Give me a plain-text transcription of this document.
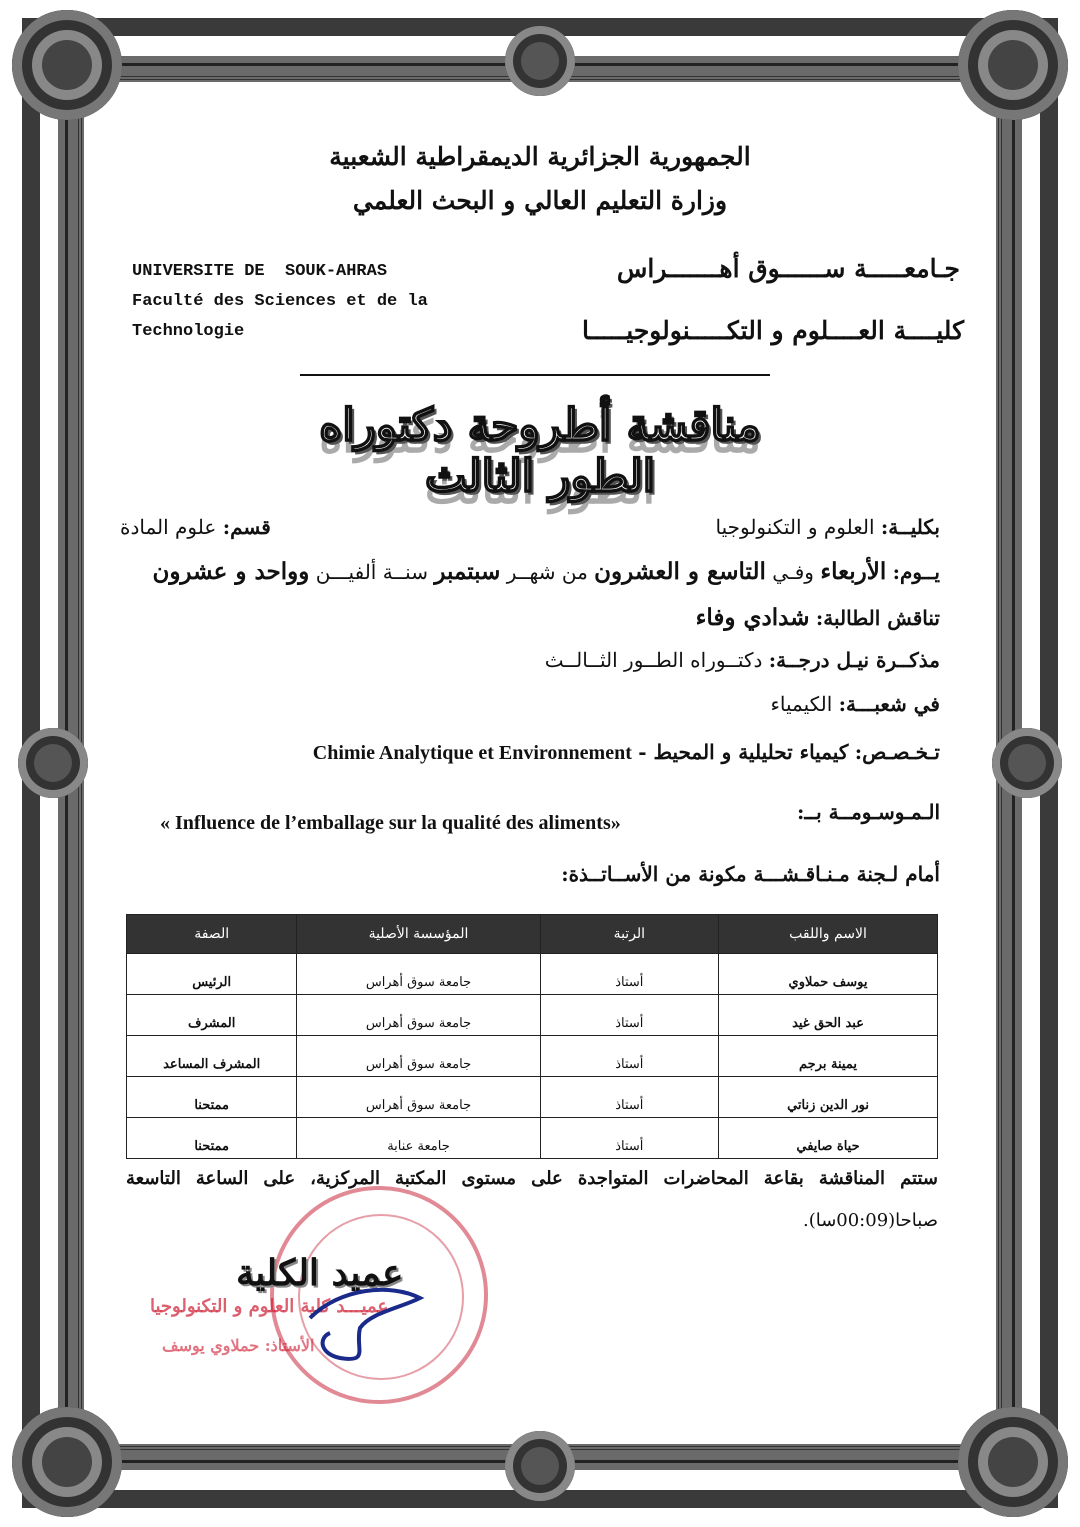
الجمهورية الجزائرية الديمقراطية الشعبية
وزارة التعليم العالي و البحث العلمي
UNIVERSITE DE  SOUK-AHRAS
Faculté des Sciences et de la
Technologie
جـامعـــــة ســــــوق أهـــــــراس
كليــــة العــــلوم و التكـــــنولوجيـــــا
مناقشة أطروحة دكتوراه الطور الثالث
بكليــة: العلوم و التكنولوجيا
قسم: علوم المادة
يــوم: الأربعاء وفـي التاسع و العشرون من شهــر سبتمبر سنــة ألفيـــن وواحد و عشرون
تناقش الطالبة: شدادي وفاء
مذكــرة نيـل درجــة: دكتــوراه الطــور الثــالــث
في شعبـــة: الكيمياء
تـخـصـص: كيمياء تحليلية و المحيط - Chimie Analytique et Environnement
الـمـوسـومــة بــ:
« Influence de l’emballage sur la qualité des aliments»
أمام لـجنة مـنـاقـشـــة مكونة من الأســاتــذة:
الاسم واللقب	الرتبة	المؤسسة الأصلية	الصفة
يوسف حملاوي	أستاذ	جامعة سوق أهراس	الرئيس
عبد الحق غيد	أستاذ	جامعة سوق أهراس	المشرف
يمينة برجم	أستاذ	جامعة سوق أهراس	المشرف المساعد
نور الدين زناتي	أستاذ	جامعة سوق أهراس	ممتحنا
حياة صايفي	أستاذ	جامعة عنابة	ممتحنا
ستتم المناقشة بقاعة المحاضرات المتواجدة على مستوى المكتبة المركزية، على الساعة التاسعة
صباحا(00:09سا).
عميـــد كلية العلوم و التكنولوجيا
الأستاذ: حملاوي يوسف
عميد الكلية
